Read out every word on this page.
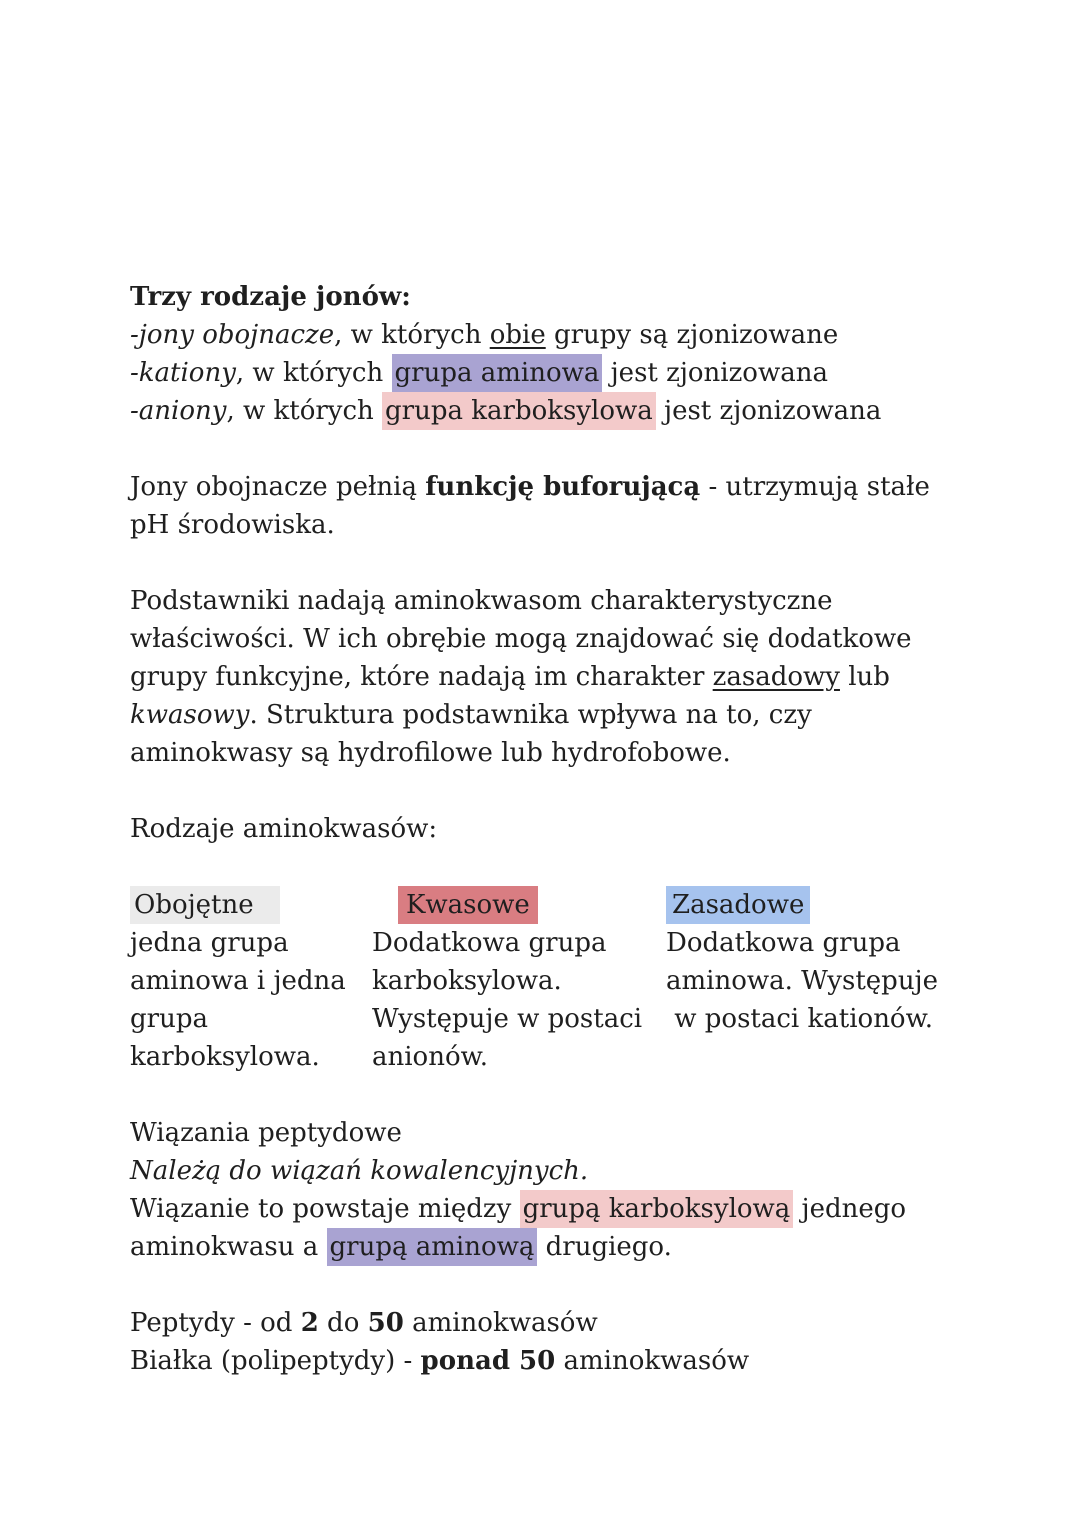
Trzy rodzaje jonów:
-jony obojnacze, w których obie grupy są zjonizowane
-kationy, w których grupa aminowa jest zjonizowana
-aniony, w których grupa karboksylowa jest zjonizowana
Jony obojnacze pełnią funkcję buforującą - utrzymują stałe
pH środowiska.
Podstawniki nadają aminokwasom charakterystyczne
właściwości. W ich obrębie mogą znajdować się dodatkowe
grupy funkcyjne, które nadają im charakter zasadowy lub
kwasowy. Struktura podstawnika wpływa na to, czy
aminokwasy są hydrofilowe lub hydrofobowe.
Rodzaje aminokwasów:
Obojętne
jedna grupa
aminowa i jedna
grupa
karboksylowa.
Kwasowe
Dodatkowa grupa
karboksylowa.
Występuje w postaci
anionów.
Zasadowe
Dodatkowa grupa
aminowa. Występuje
w postaci kationów.
Wiązania peptydowe
Należą do wiązań kowalencyjnych.
Wiązanie to powstaje między grupą karboksylową jednego
aminokwasu a grupą aminową drugiego.
Peptydy - od 2 do 50 aminokwasów
Białka (polipeptydy) - ponad 50 aminokwasów
